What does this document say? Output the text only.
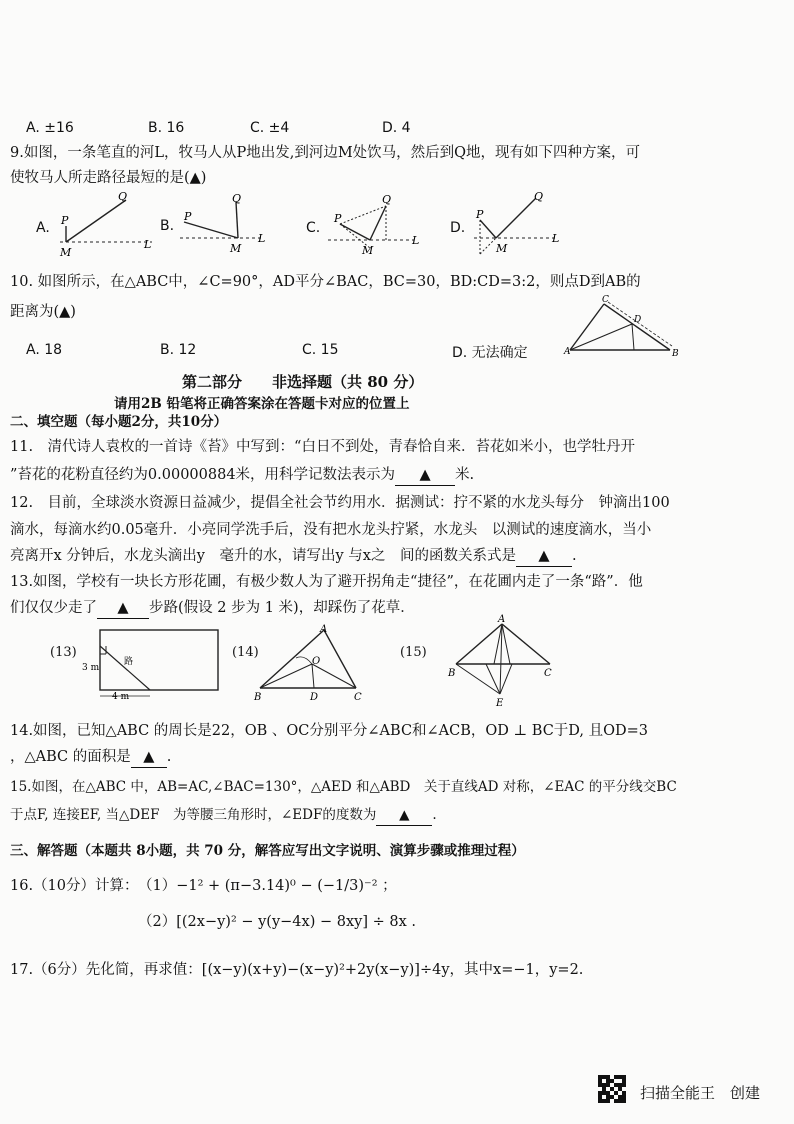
A. ±16	B. 16	C. ±4	D. 4
9.如图，一条笔直的河L，牧马人从P地出发,到河边M处饮马，然后到Q地，现有如下四种方案，可
使牧马人所走路径最短的是(▲)
A.	B.	C.	D.
P
Q
M
L
P
Q
M
L
P
Q
M
L
P
Q
M
L
10. 如图所示，在△ABC中，∠C=90°，AD平分∠BAC，BC=30，BD:CD=3:2，则点D到AB的
距离为(▲)
A	B
C
D
A. 18	B. 12	C. 15	D. 无法确定
第二部分　　非选择题（共 80 分）
请用2B 铅笔将正确答案涂在答题卡对应的位置上
二、填空题（每小题2分，共10分）
11.　清代诗人袁枚的一首诗《苔》中写到：“白日不到处，青春恰自来．苔花如米小，也学牡丹开
”苔花的花粉直径约为0.00000884米，用科学记数法表示为 ▲ 米.
12.　目前，全球淡水资源日益减少，提倡全社会节约用水．据测试：拧不紧的水龙头每分　钟滴出100
滴水，每滴水约0.05毫升．小亮同学洗手后，没有把水龙头拧紧，水龙头　以测试的速度滴水，当小
亮离开x 分钟后，水龙头滴出y　毫升的水，请写出y 与x之　间的函数关系式是 ▲ .
13.如图，学校有一块长方形花圃，有极少数人为了避开拐角走“捷径”，在花圃内走了一条“路”．他
们仅仅少走了 ▲ 步路(假设 2 步为 1 米)，却踩伤了花草．
(13)
3 m
4 m
路
(14)
A
B	C
D
O
(15)
A
B	C
E
14.如图，已知△ABC 的周长是22，OB 、OC分别平分∠ABC和∠ACB，OD ⊥ BC于D, 且OD=3
，△ABC 的面积是 ▲ .
15.如图，在△ABC 中，AB=AC,∠BAC=130°，△AED 和△ABD　关于直线AD 对称，∠EAC 的平分线交BC
于点F, 连接EF, 当△DEF　为等腰三角形时，∠EDF的度数为 ▲ .
三、解答题（本题共 8小题，共 70 分，解答应写出文字说明、演算步骤或推理过程）
16.（10分）计算： （1）−1² + (π−3.14)⁰ − (−1/3)⁻² ；
（2）[(2x−y)² − y(y−4x) − 8xy] ÷ 8x .
17.（6分）先化简，再求值：[(x−y)(x+y)−(x−y)²+2y(x−y)]÷4y，其中x=−1，y=2.
扫描全能王　创建
